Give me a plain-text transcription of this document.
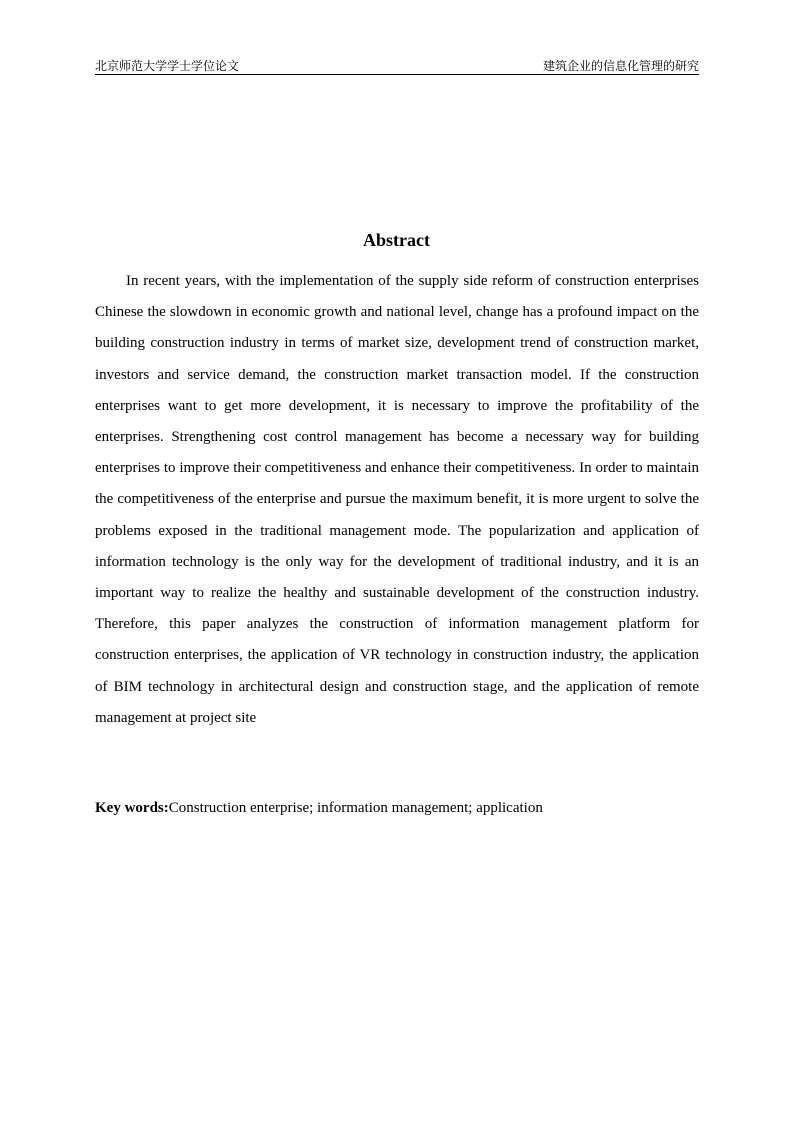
北京师范大学学士学位论文	建筑企业的信息化管理的研究
Abstract

In recent years, with the implementation of the supply side reform of construction enterprises Chinese the slowdown in economic growth and national level, change has a profound impact on the building construction industry in terms of market size, development trend of construction market, investors and service demand, the construction market transaction model. If the construction enterprises want to get more development, it is necessary to improve the profitability of the enterprises. Strengthening cost control management has become a necessary way for building enterprises to improve their competitiveness and enhance their competitiveness. In order to maintain the competitiveness of the enterprise and pursue the maximum benefit, it is more urgent to solve the problems exposed in the traditional management mode. The popularization and application of information technology is the only way for the development of traditional industry, and it is an important way to realize the healthy and sustainable development of the construction industry. Therefore, this paper analyzes the construction of information management platform for construction enterprises, the application of VR technology in construction industry, the application of BIM technology in architectural design and construction stage, and the application of remote management at project site

Key words:Construction enterprise; information management; application
